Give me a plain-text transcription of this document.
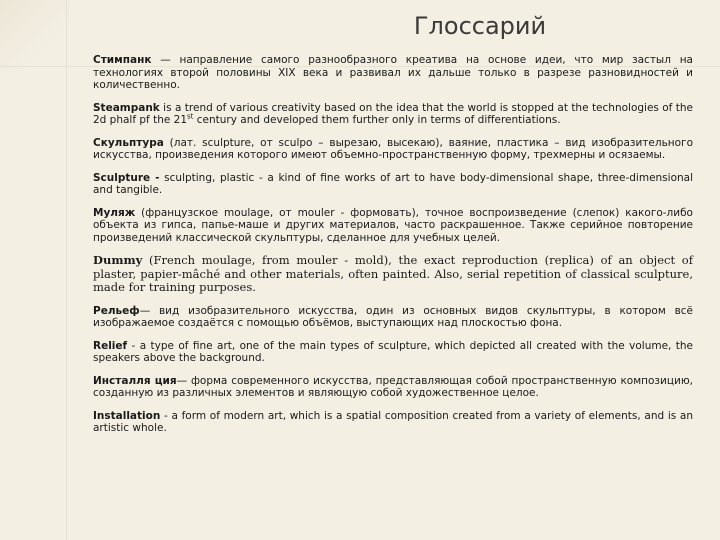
Глоссарий

Стимпанк — направление самого разнообразного креатива на основе идеи, что мир застыл на технологиях второй половины XIX века и развивал их дальше только в разрезе разновидностей и количественно.

Steampank is a trend of various creativity based on the idea that the world is stopped at the technologies of the 2d phalf pf the 21st century and developed them further only in terms of differentiations.

Скульптура (лат. sculpture, от sculpo – вырезаю, высекаю), ваяние, пластика – вид изобразительного искусства, произведения которого имеют объемно-пространственную форму, трехмерны и осязаемы.

Sculpture - sculpting, plastic - a kind of fine works of art to have body-dimensional shape, three-dimensional and tangible.

Муляж (французское moulage, от mouler - формовать), точное воспроизведение (слепок) какого-либо объекта из гипса, папье-маше и других материалов, часто раскрашенное. Также серийное повторение произведений классической скульптуры, сделанное для учебных целей.

Dummy (French moulage, from mouler - mold), the exact reproduction (replica) of an object of plaster, papier-mâché and other materials, often painted. Also, serial repetition of classical sculpture, made for training purposes.

Рельеф— вид изобразительного искусства, один из основных видов скульптуры, в котором всё изображаемое создаётся с помощью объёмов, выступающих над плоскостью фона.

Relief - a type of fine art, one of the main types of sculpture, which depicted all created with the volume, the speakers above the background.

Инсталля ция— форма современного искусства, представляющая собой пространственную композицию, созданную из различных элементов и являющую собой художественное целое.

Installation - a form of modern art, which is a spatial composition created from a variety of elements, and is an artistic whole.
